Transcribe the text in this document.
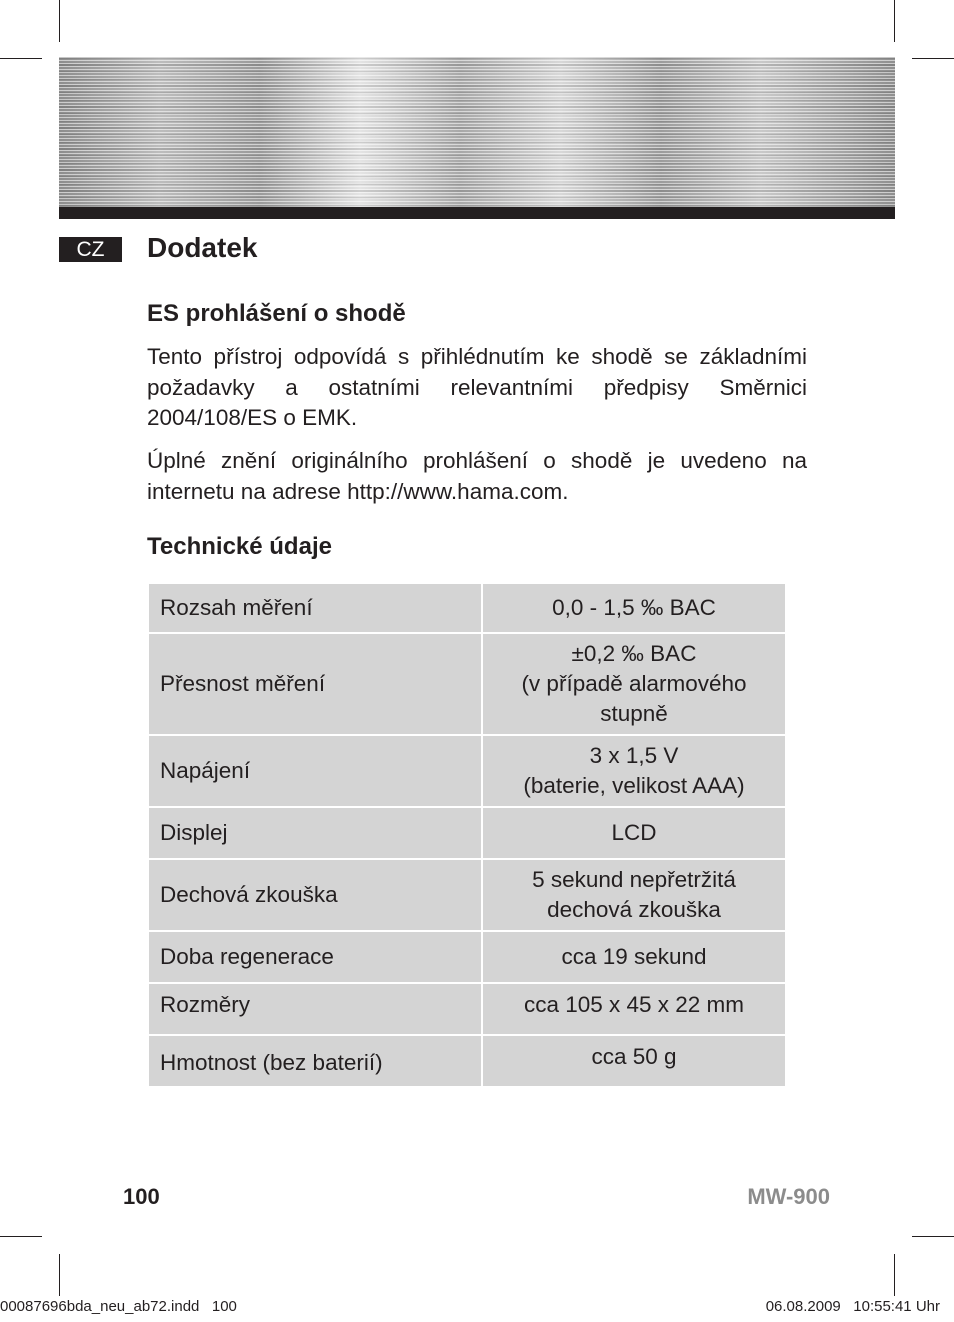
CZ	Dodatek
ES prohlášení o shodě

Tento přístroj odpovídá s přihlédnutím ke shodě se základními požadavky a ostatními relevantními předpisy Směrnici 2004/108/ES o EMK.

Úplné znění originálního prohlášení o shodě je uvedeno na internetu na adrese http://www.hama.com.

Technické údaje
Rozsah měření	0,0 - 1,5 ‰ BAC
Přesnost měření	±0,2 ‰ BAC
(v případě alarmového
stupně
Napájení	3 x 1,5 V
(baterie, velikost AAA)
Displej	LCD
Dechová zkouška	5 sekund nepřetržitá
dechová zkouška
Doba regenerace	cca 19 sekund
Rozměry	cca 105 x 45 x 22 mm
Hmotnost (bez baterií)	cca 50 g
100	MW-900
00087696bda_neu_ab72.indd   100	06.08.2009   10:55:41 Uhr
